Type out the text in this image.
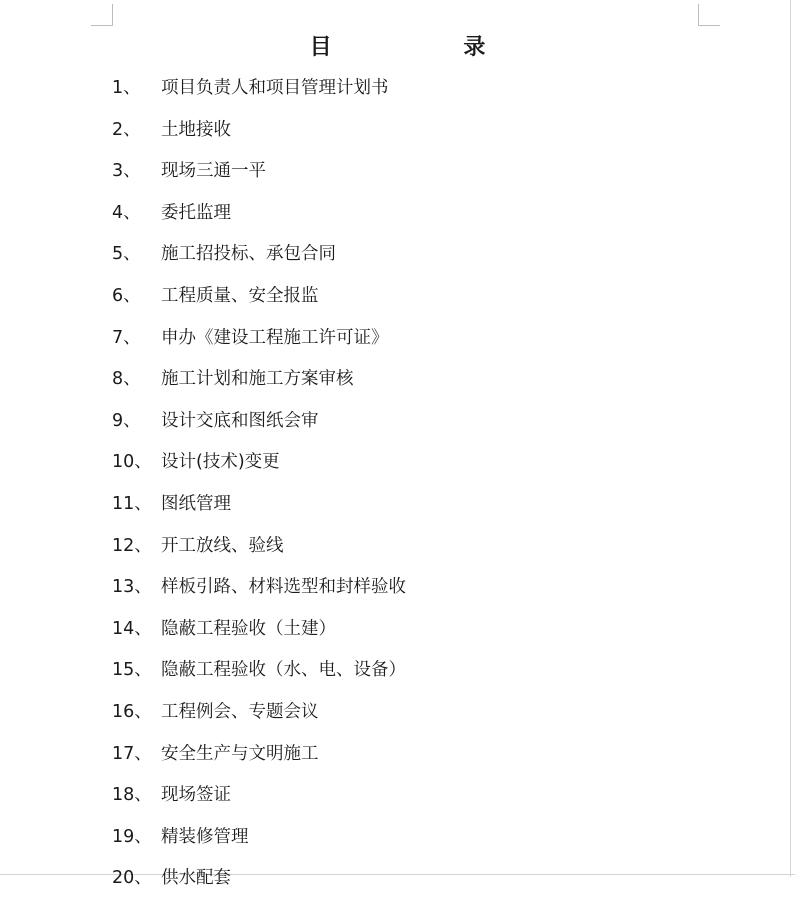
目 录
1、 项目负责人和项目管理计划书
2、 土地接收
3、 现场三通一平
4、 委托监理
5、 施工招投标、承包合同
6、 工程质量、安全报监
7、 申办《建设工程施工许可证》
8、 施工计划和施工方案审核
9、 设计交底和图纸会审
10、 设计(技术)变更
11、 图纸管理
12、 开工放线、验线
13、 样板引路、材料选型和封样验收
14、 隐蔽工程验收（土建）
15、 隐蔽工程验收（水、电、设备）
16、 工程例会、专题会议
17、 安全生产与文明施工
18、 现场签证
19、 精装修管理
20、 供水配套
